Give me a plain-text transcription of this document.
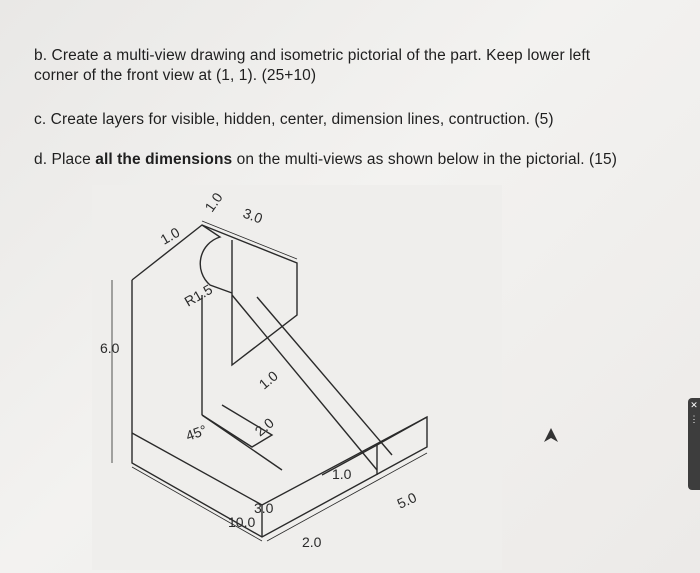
b. Create a multi-view drawing and isometric pictorial of the part. Keep lower left
corner of the front view at (1, 1). (25+10)
c. Create layers for visible, hidden, center, dimension lines, contruction. (5)
d. Place all the dimensions on the multi-views as shown below in the pictorial. (15)
1.0
3.0
1.0
R1.5
6.0
1.0
45°	2.0
3.0
10.0
2.0
1.0
5.0
✕
⋮
